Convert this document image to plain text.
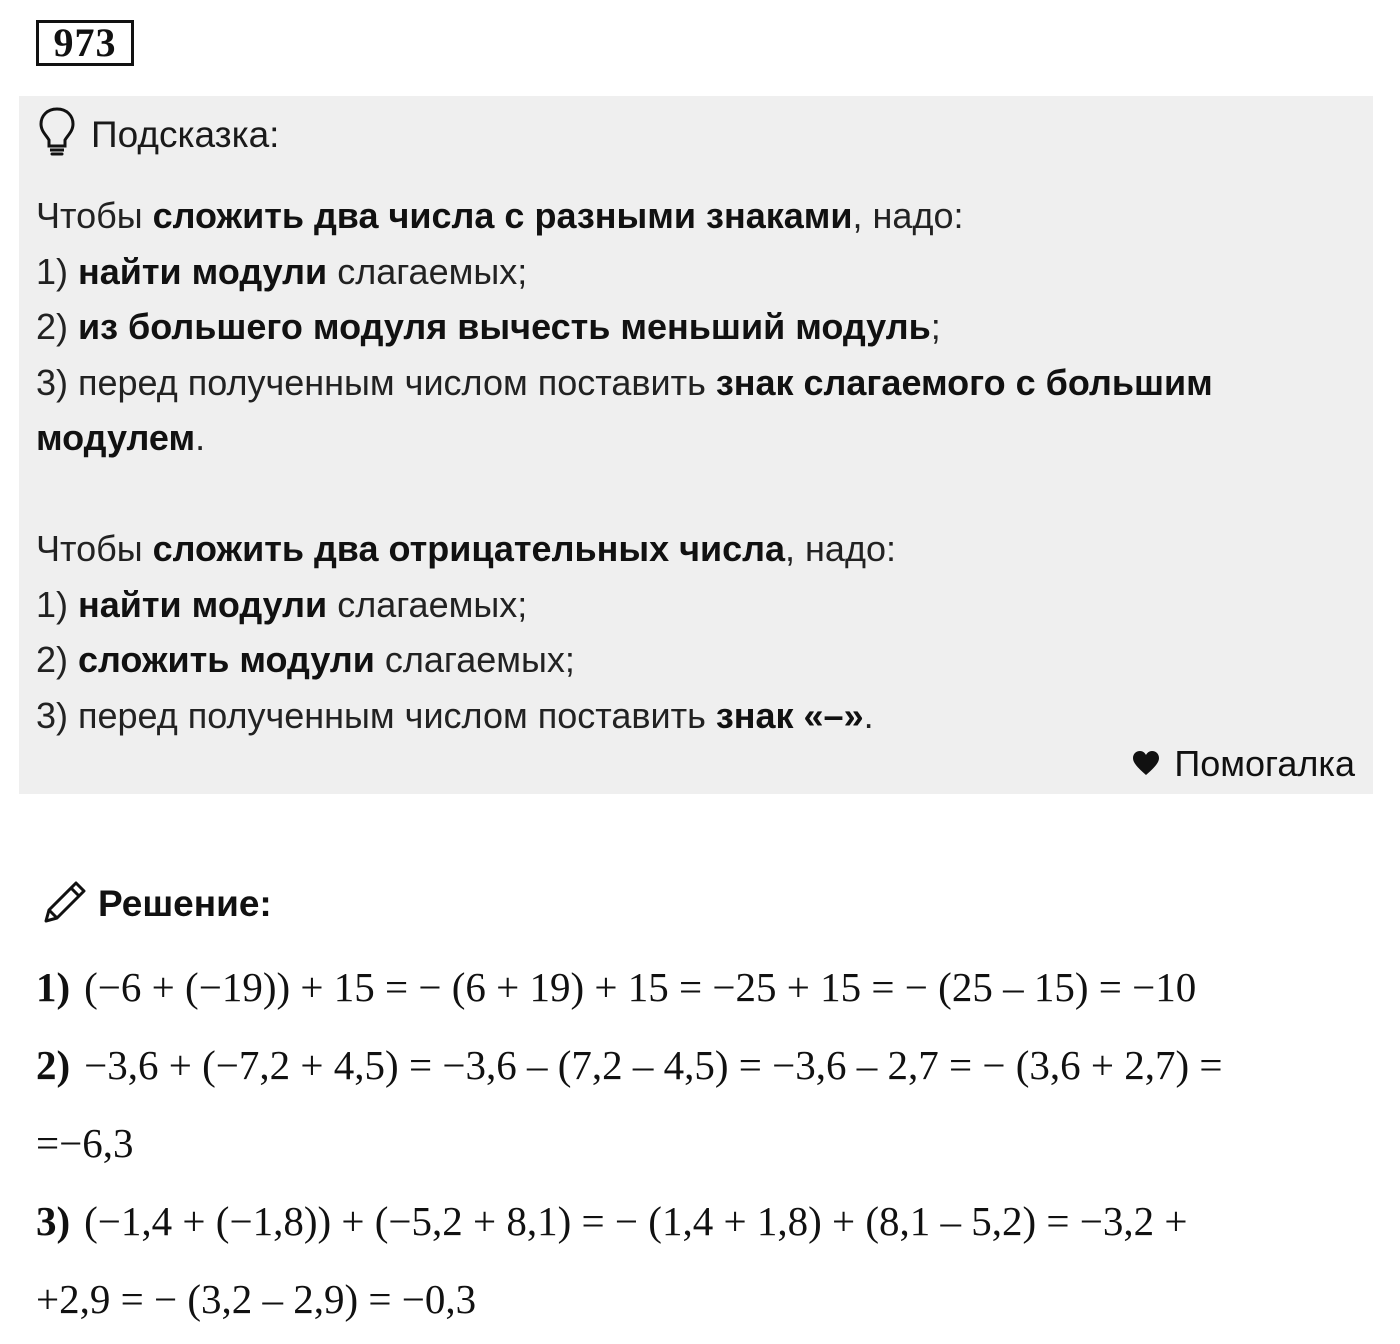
973
Подсказка:
Чтобы сложить два числа с разными знаками, надо:
1) найти модули слагаемых;
2) из большего модуля вычесть меньший модуль;
3) перед полученным числом поставить знак слагаемого с большим
модулем.
Чтобы сложить два отрицательных числа, надо:
1) найти модули слагаемых;
2) сложить модули слагаемых;
3) перед полученным числом поставить знак «–».
Помогалка
Решение:
1) (−6 + (−19)) + 15 = − (6 + 19) + 15 = −25 + 15 = − (25 – 15) = −10
2) −3,6 + (−7,2 + 4,5) = −3,6 – (7,2 – 4,5) = −3,6 – 2,7 = − (3,6 + 2,7) =
=−6,3
3) (−1,4 + (−1,8)) + (−5,2 + 8,1) = − (1,4 + 1,8) + (8,1 – 5,2) = −3,2 +
+2,9 = − (3,2 – 2,9) = −0,3
